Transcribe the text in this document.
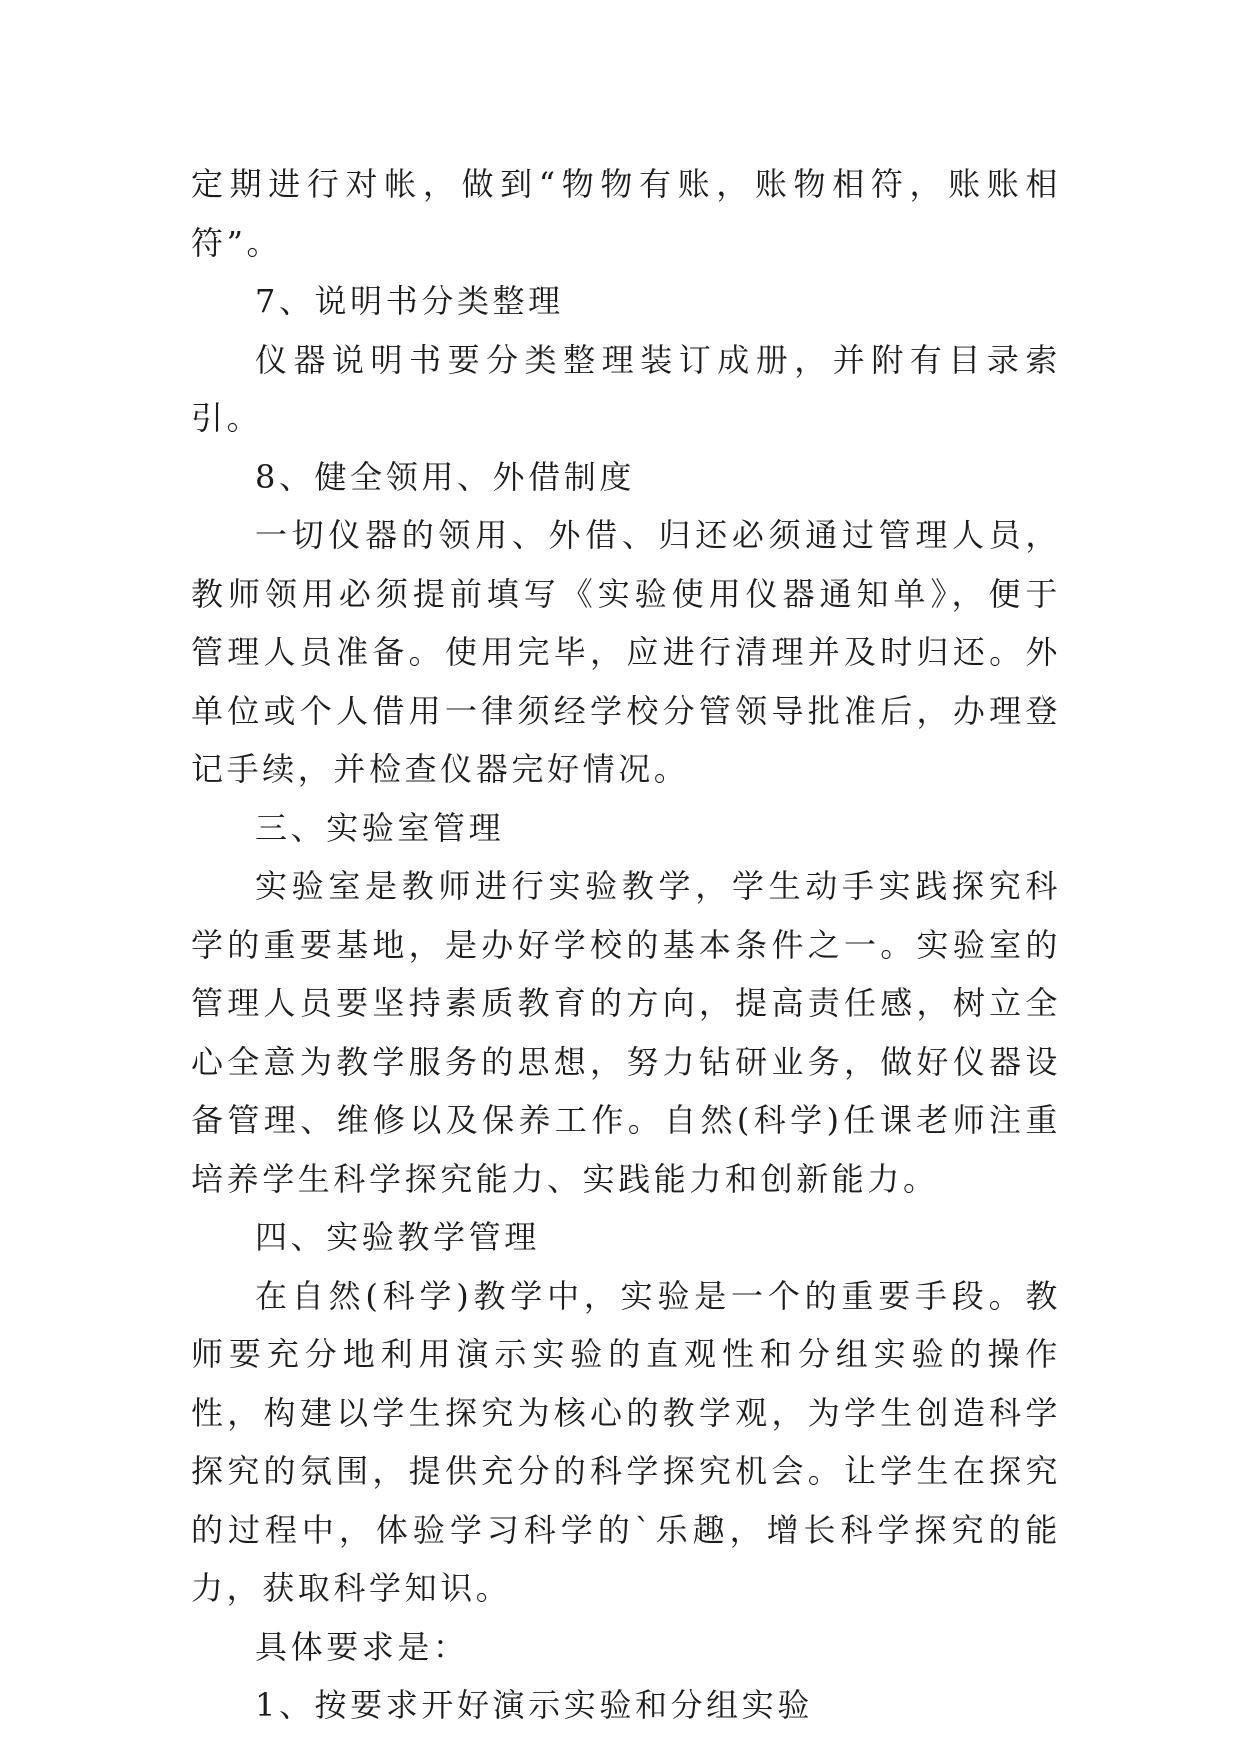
定期进行对帐，做到“物物有账，账物相符，账账相符”。

7、说明书分类整理

仪器说明书要分类整理装订成册，并附有目录索引。

8、健全领用、外借制度

一切仪器的领用、外借、归还必须通过管理人员，教师领用必须提前填写《实验使用仪器通知单》，便于管理人员准备。使用完毕，应进行清理并及时归还。外单位或个人借用一律须经学校分管领导批准后，办理登记手续，并检查仪器完好情况。

三、实验室管理

实验室是教师进行实验教学，学生动手实践探究科学的重要基地，是办好学校的基本条件之一。实验室的管理人员要坚持素质教育的方向，提高责任感，树立全心全意为教学服务的思想，努力钻研业务，做好仪器设备管理、维修以及保养工作。自然(科学)任课老师注重培养学生科学探究能力、实践能力和创新能力。

四、实验教学管理

在自然(科学)教学中，实验是一个的重要手段。教师要充分地利用演示实验的直观性和分组实验的操作性，构建以学生探究为核心的教学观，为学生创造科学探究的氛围，提供充分的科学探究机会。让学生在探究的过程中，体验学习科学的`乐趣，增长科学探究的能力，获取科学知识。

具体要求是：

1、按要求开好演示实验和分组实验
